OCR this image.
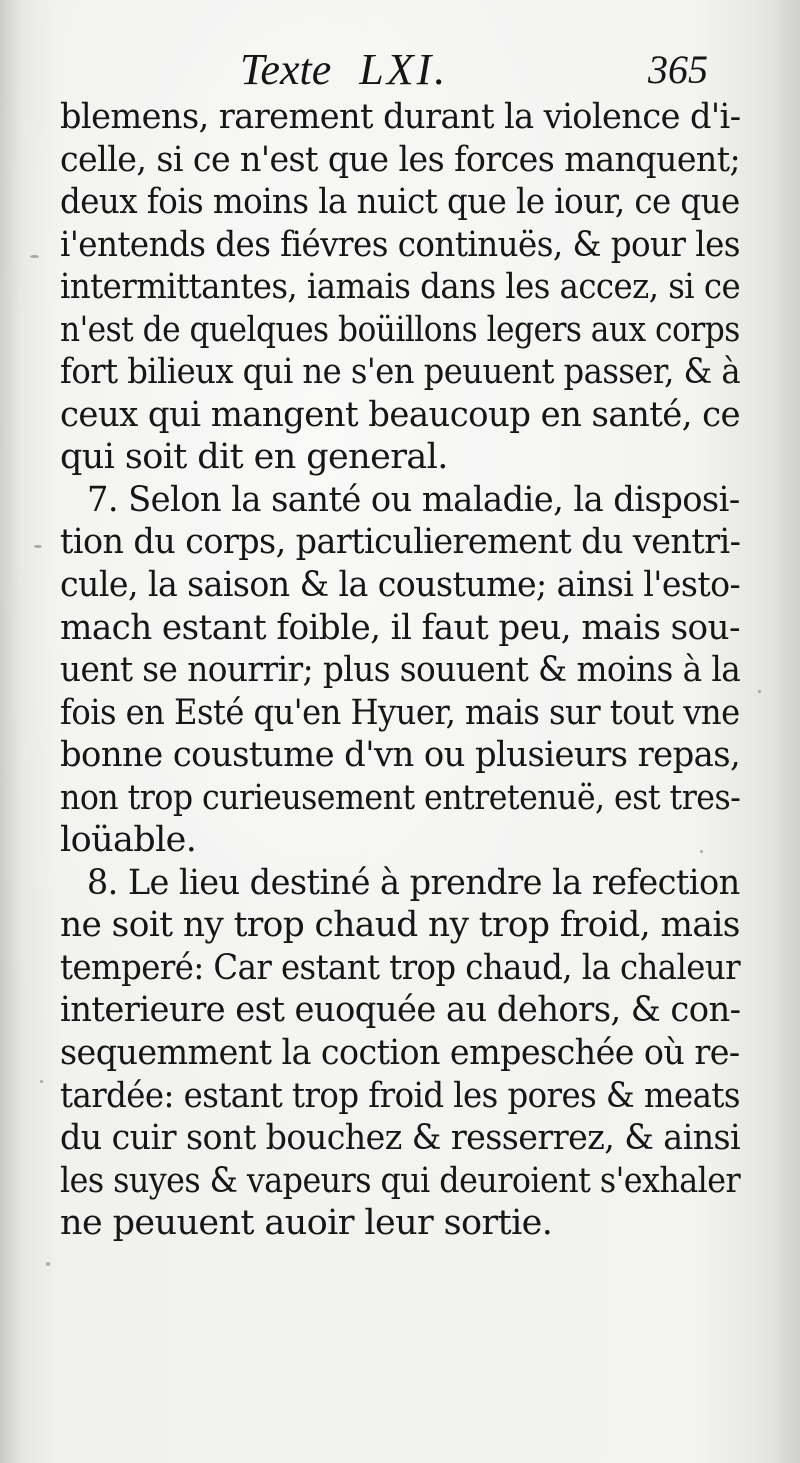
Texte LXI.	365
blemens, rarement durant la violence d'i-
celle, si ce n'est que les forces manquent;
deux fois moins la nuict que le iour, ce que
i'entends des fiévres continuës, & pour les
intermittantes, iamais dans les accez, si ce
n'est de quelques boüillons legers aux corps
fort bilieux qui ne s'en peuuent passer, & à
ceux qui mangent beaucoup en santé, ce
qui soit dit en general.
7. Selon la santé ou maladie, la disposi-
tion du corps, particulierement du ventri-
cule, la saison & la coustume; ainsi l'esto-
mach estant foible, il faut peu, mais sou-
uent se nourrir; plus souuent & moins à la
fois en Esté qu'en Hyuer, mais sur tout vne
bonne coustume d'vn ou plusieurs repas,
non trop curieusement entretenuë, est tres-
loüable.
8. Le lieu destiné à prendre la refection
ne soit ny trop chaud ny trop froid, mais
temperé: Car estant trop chaud, la chaleur
interieure est euoquée au dehors, & con-
sequemment la coction empeschée où re-
tardée: estant trop froid les pores & meats
du cuir sont bouchez & resserrez, & ainsi
les suyes & vapeurs qui deuroient s'exhaler
ne peuuent auoir leur sortie.
